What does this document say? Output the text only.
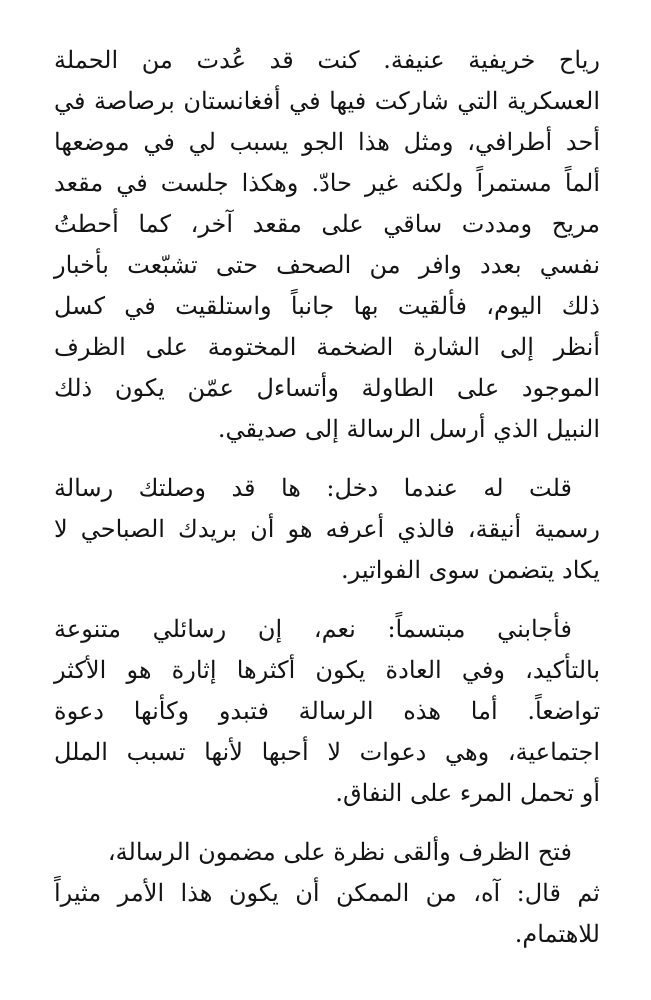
رياح خريفية عنيفة. كنت قد عُدت من الحملة
العسكرية التي شاركت فيها في أفغانستان برصاصة في
أحد أطرافي، ومثل هذا الجو يسبب لي في موضعها
ألماً مستمراً ولكنه غير حادّ. وهكذا جلست في مقعد
مريح ومددت ساقي على مقعد آخر، كما أحطتُ
نفسي بعدد وافر من الصحف حتى تشبّعت بأخبار
ذلك اليوم، فألقيت بها جانباً واستلقيت في كسل
أنظر إلى الشارة الضخمة المختومة على الظرف
الموجود على الطاولة وأتساءل عمّن يكون ذلك
النبيل الذي أرسل الرسالة إلى صديقي.
قلت له عندما دخل: ها قد وصلتك رسالة
رسمية أنيقة، فالذي أعرفه هو أن بريدك الصباحي لا
يكاد يتضمن سوى الفواتير.
فأجابني مبتسماً: نعم، إن رسائلي متنوعة
بالتأكيد، وفي العادة يكون أكثرها إثارة هو الأكثر
تواضعاً. أما هذه الرسالة فتبدو وكأنها دعوة
اجتماعية، وهي دعوات لا أحبها لأنها تسبب الملل
أو تحمل المرء على النفاق.
فتح الظرف وألقى نظرة على مضمون الرسالة،
ثم قال: آه، من الممكن أن يكون هذا الأمر مثيراً
للاهتمام.
